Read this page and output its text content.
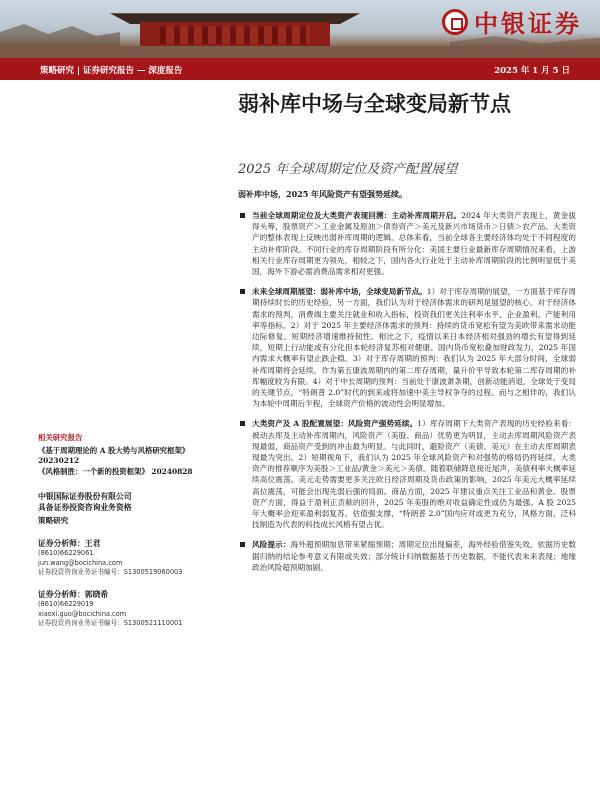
中银证券
策略研究 | 证券研究报告 — 深度报告	2025 年 1 月 5 日
弱补库中场与全球变局新节点
2025 年全球周期定位及资产配置展望
弱补库中场，2025 年风险资产有望强势延续。
当前全球周期定位及大类资产表现回溯：主动补库周期开启。2024 年大类资产表现上，黄金拔得头筹，股票资产＞工业金属及原油＞债券资产＞美元及新兴市场货币＞日债＞农产品。大类资产的整体表现上反映出弱补库周期的逻辑。总体来看，当前全球各主要经济体均处于不同程度的主动补库阶段。不同行业的库存周期阶段有所分化：美国主要行业最新库存周期情况来看，上游相关行业库存周期更为领先，相较之下，国内各大行业处于主动补库周期阶段的比例明显低于美国，海外下游必需消费品需求相对更强。
未来全球周期展望：弱补库中场，全球变局新节点。1）对于库存周期的展望，一方面基于库存周期持续时长的历史经验，另一方面，我们认为对于经济体需求的研判是展望的核心。对于经济体需求的预判，消费端主要关注就业和收入指标，投资我们更关注利率水平、企业盈利、产能利用率等指标。2）对于 2025 年主要经济体需求的预判：持续的货币宽松有望为美欧带来需求动能边际修复，短期经济增速维持韧性。相比之下，疫情以来日本经济相对强劲的增长有望得到延续，短期上行动能或有分化但本轮经济复苏相对健康。国内货币宽松叠加财政发力，2025 年国内需求大概率有望止跌企稳。3）对于库存周期的预判：我们认为 2025 年大部分时间，全球弱补库周期将会延续。作为第五康波周期内的第二库存周期，量升价平导致本轮第二库存周期的补库幅度较为有限。4）对于中长周期的预判：当前处于康波萧条期，创新动能消退，全球处于变局的关键节点，“特朗普 2.0”时代的到来或将加速中美主导权争夺的过程。而与之相伴的，我们认为本轮中周期后半程，全球资产价格的波动性会明显增加。
大类资产及 A 股配置展望：风险资产强势延续。1）库存周期下大类资产表现的历史经验来看：被动去库及主动补库周期内，风险资产（美股、商品）优势更为明显，主动去库周期风险资产表现最弱，商品资产受到的冲击最为明显。与此同时，避险资产（美债、美元）在主动去库周期表现最为突出。2）短期视角下，我们认为 2025 年全球风险资产和对强势的格局仍将延续，大类资产的推荐顺序为美股＞工业品/黄金＞美元＞美债。随着联储降息接近尾声，美债利率大概率延续高位震荡。美元走势需要更多关注欧日经济周期及货币政策的影响，2025 年美元大概率延续高位震荡，可能会出现先弱后强的局面。商品方面，2025 年建议重点关注工业品和黄金。股票资产方面，得益于盈利正贡献的回升，2025 年美股的绝对收益确定性或仍为最强。A 股 2025 年大概率会迎来盈利弱复苏，估值强支撑，“特朗普 2.0”国内应对或更为充分，风格方面，泛科技制造为代表的科技成长风格有望占优。
风险提示：海外超预期加息带来紧缩预期；周期定位出现偏差，海外经验借鉴失效，依据历史数据归纳的结论参考意义有限或失效；部分统计归纳数据基于历史数据，不能代表未来表现；地缘政治风险超预期加剧。
相关研究报告
《基于周期理论的 A 股大势与风格研究框架》 20230212
《风格制胜：一个新的投资框架》 20240828
中银国际证券股份有限公司
具备证券投资咨询业务资格
策略研究
证券分析师：王君
(8610)66229061
jun.wang@bocichina.com
证券投资咨询业务证书编号：S1300519060003
证券分析师：郭晓希
(8610)66229019
xiaoxi.guo@bocichina.com
证券投资咨询业务证书编号：S1300521110001
